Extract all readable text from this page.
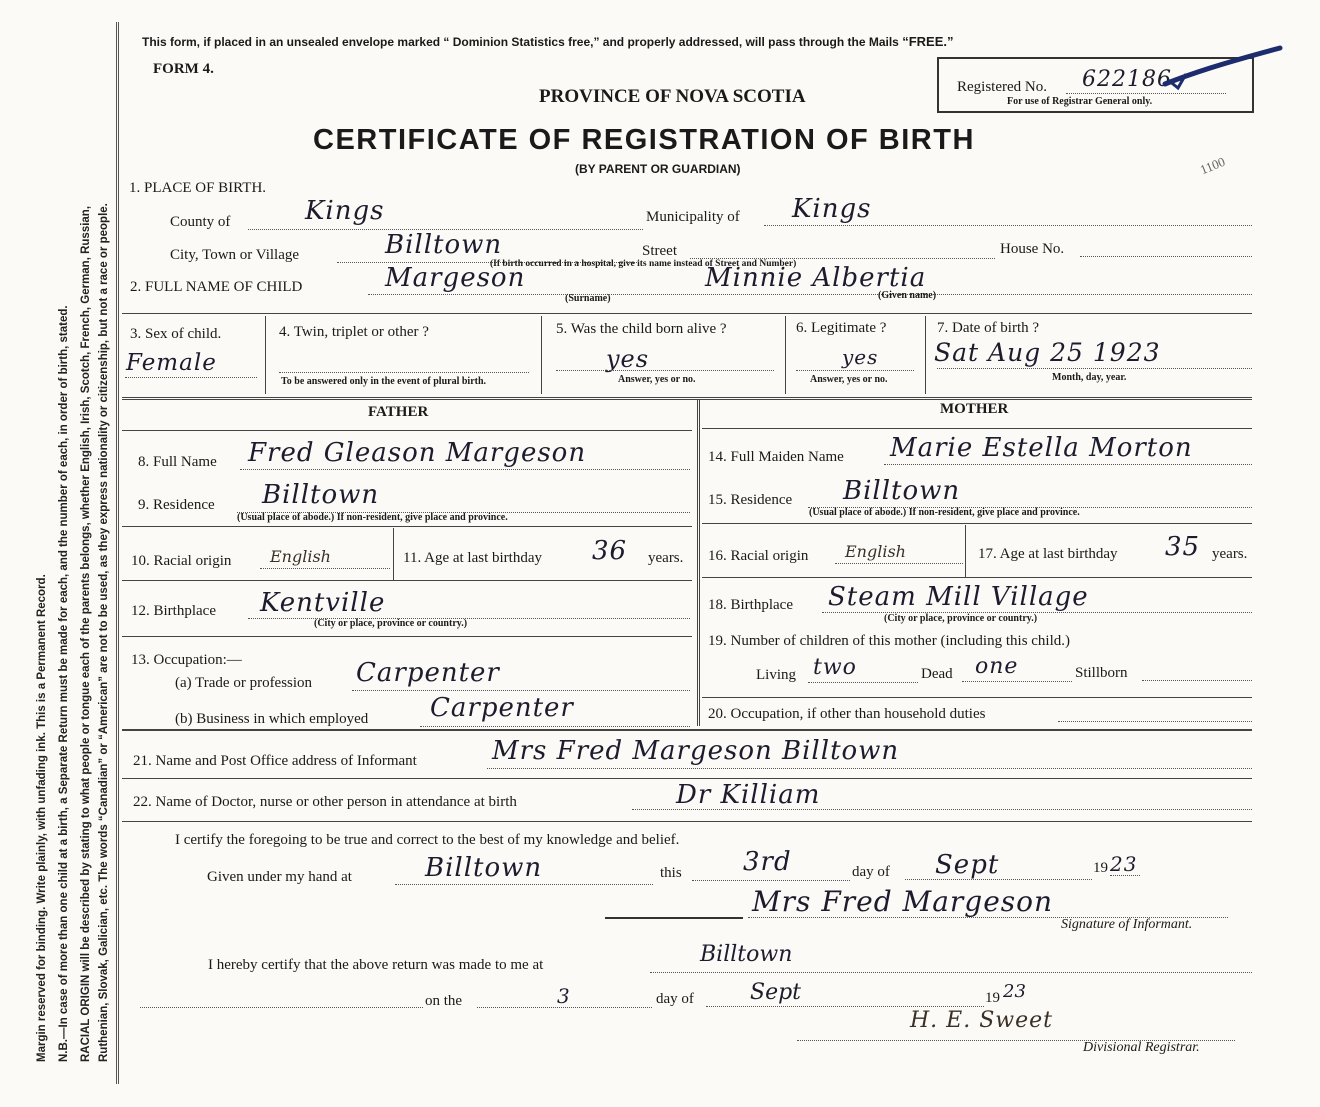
Margin reserved for binding. Write plainly, with unfading ink. This is a Permanent Record. N.B.—In case of more than one child at a birth, a Separate Return must be made for each, and the number of each, in order of birth, stated. RACIAL ORIGIN will be described by stating to what people or tongue each of the parents belongs, whether English, Irish, Scotch, French, German, Russian, Ruthenian, Slovak, Galician, etc. The words “Canadian” or “American” are not to be used, as they express nationality or citizenship, but not a race or people.
This form, if placed in an unsealed envelope marked “ Dominion Statistics free,” and properly addressed, will pass through the Mails “FREE.”
FORM 4.
PROVINCE OF NOVA SCOTIA
CERTIFICATE OF REGISTRATION OF BIRTH
(BY PARENT OR GUARDIAN)
Registered No. 622186
For use of Registrar General only.
1100
1. PLACE OF BIRTH.
County of	Kings	Municipality of Kings
City, Town or Village	Billtown	Street	House No.
(If birth occurred in a hospital, give its name instead of Street and Number)
2. FULL NAME OF CHILD	Margeson	Minnie Albertia
(Surname)	(Given name)
3. Sex of child.
Female
4. Twin, triplet or other ?
To be answered only in the event of plural birth.
5. Was the child born alive ?
yes
Answer, yes or no.
6. Legitimate ?
yes
Answer, yes or no.
7. Date of birth ?
Sat Aug 25 1923
Month, day, year.
FATHER
8. Full Name Fred Gleason Margeson
9. Residence Billtown
(Usual place of abode.) If non-resident, give place and province.
10. Racial origin English	11. Age at last birthday 36 years.
12. Birthplace Kentville
(City or place, province or country.)
13. Occupation:—
(a) Trade or profession Carpenter
(b) Business in which employed Carpenter
MOTHER
14. Full Maiden Name Marie Estella Morton
15. Residence Billtown
(Usual place of abode.) If non-resident, give place and province.
16. Racial origin English	17. Age at last birthday 35 years.
18. Birthplace Steam Mill Village
(City or place, province or country.)
19. Number of children of this mother (including this child.)
Living two	Dead one	Stillborn
20. Occupation, if other than household duties
21. Name and Post Office address of Informant	Mrs Fred Margeson Billtown
22. Name of Doctor, nurse or other person in attendance at birth	Dr Killiam
I certify the foregoing to be true and correct to the best of my knowledge and belief.
Given under my hand at	Billtown	this 3rd	day of Sept	19 23
Mrs Fred Margeson
Signature of Informant.
I hereby certify that the above return was made to me at	Billtown
on the	3	day of	Sept	19 23
H. E. Sweet
Divisional Registrar.
